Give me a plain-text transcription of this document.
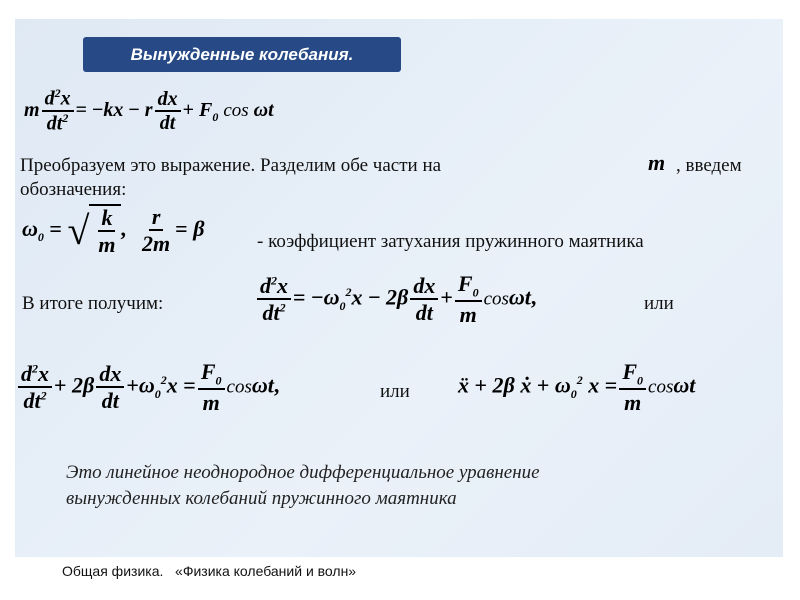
Вынужденные колебания.
m $\frac{d^2x}{dt^2} = -kx - r \frac{dx}{dt} + F_0$ cos ωt
Преобразуем это выражение. Разделим обе части на	m , введем
обозначения:
$\omega_0$ = √ $\frac{k}{m}$ , $\frac{r}{2m} = \beta$
- коэффициент затухания пружинного маятника
В итоге получим:	$\frac{d^2x}{dt^2} = -\omega_0^2x - 2\beta \frac{dx}{dt} + \frac{F_0}{m} \cos\omega t$,	или
$\frac{d^2x}{dt^2} + 2\beta \frac{dx}{dt} +\omega_0^2x = \frac{F_0}{m} \cos\omega t$,	или ẍ + 2β ẋ + $\omega_0^2$ $x = \frac{F_0}{m}$ cosωt
Это линейное неоднородное дифференциальное уравнение
вынужденных колебаний пружинного маятника
Общая физика.   «Физика колебаний и волн»
